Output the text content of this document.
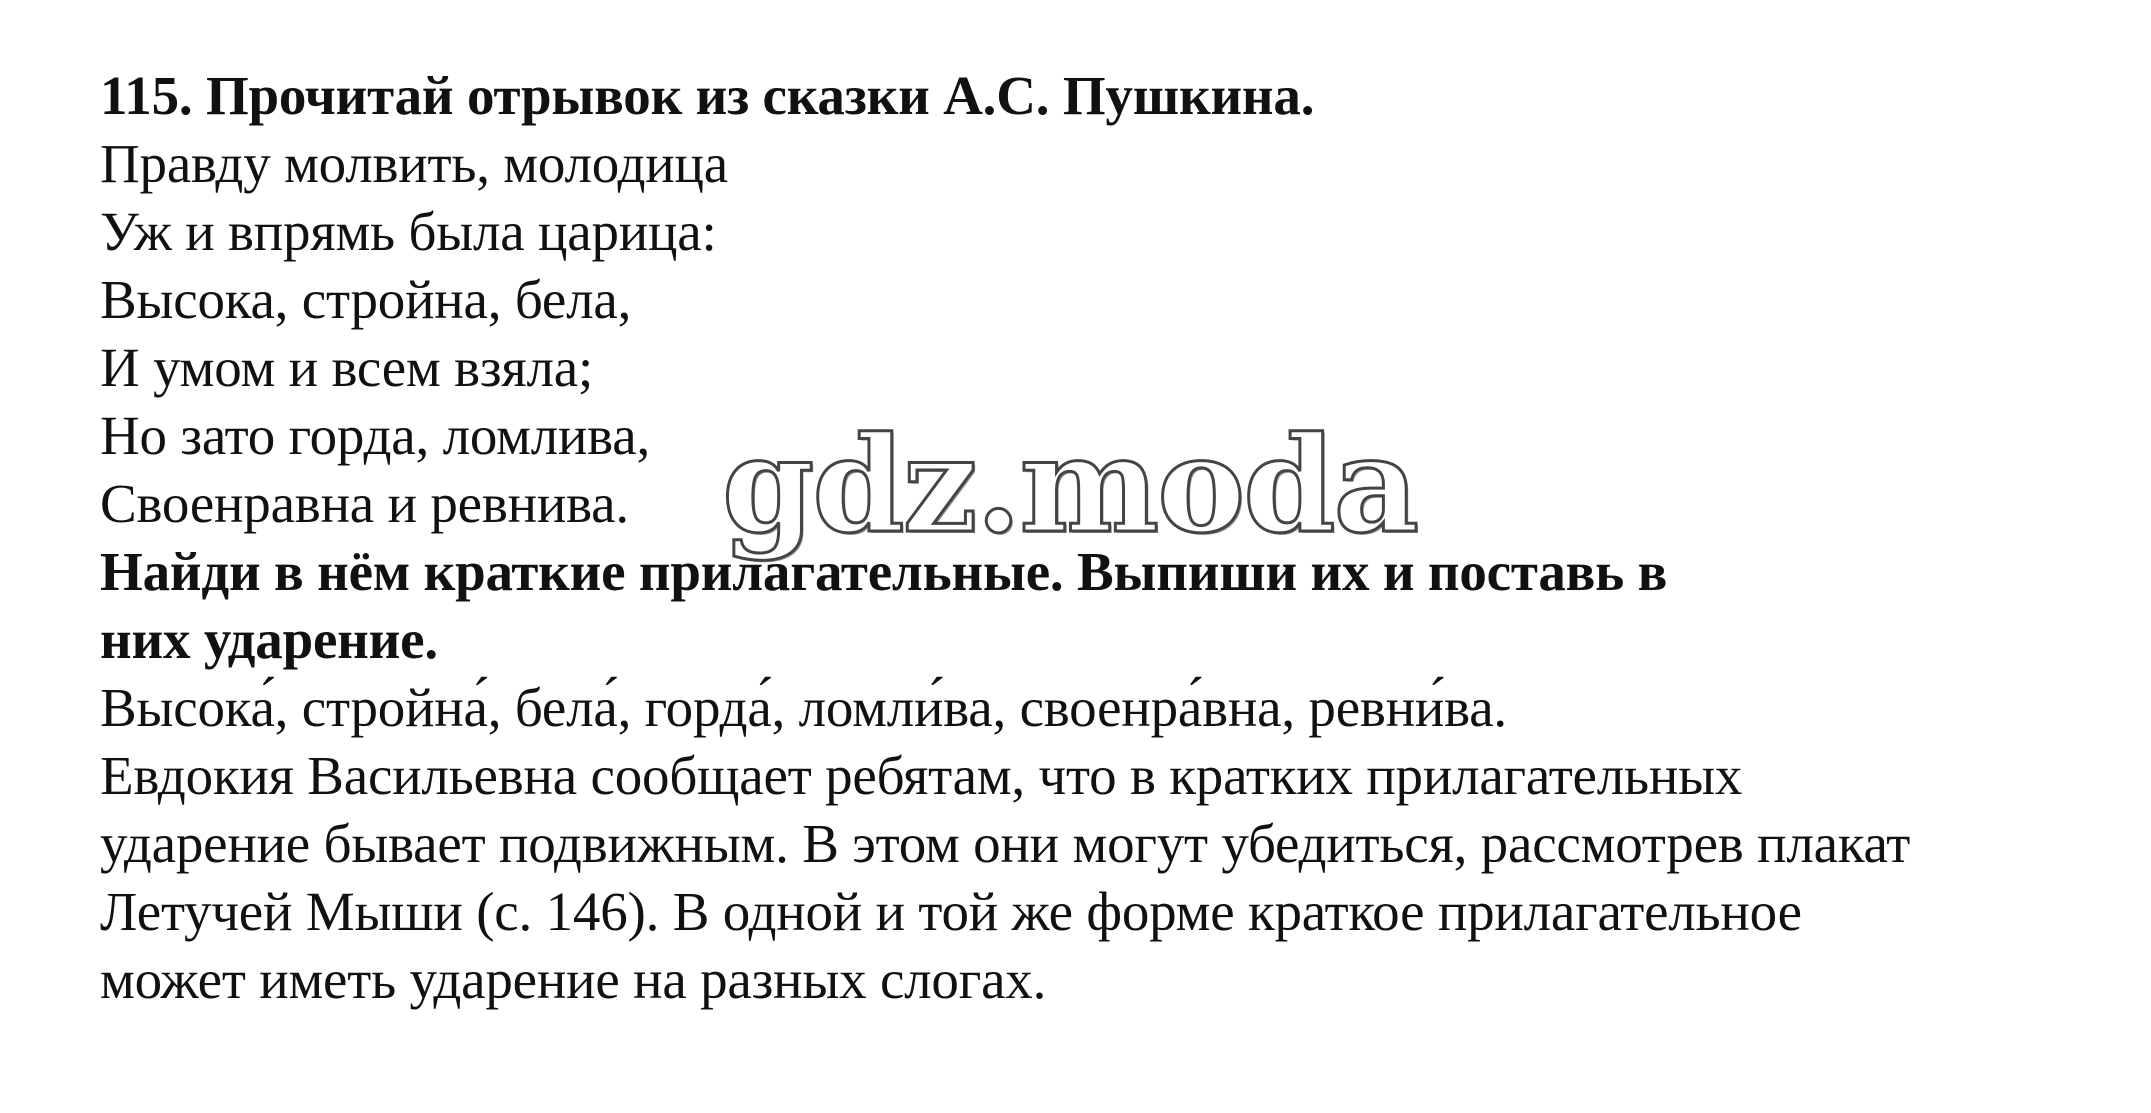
115. Прочитай отрывок из сказки А.С. Пушкина.
Правду молвить, молодица
Уж и впрямь была царица:
Высока, стройна, бела,
И умом и всем взяла;
Но зато горда, ломлива,
Своенравна и ревнива.
Найди в нём краткие прилагательные. Выпиши их и поставь в
них ударение.
Высока́, стройна́, бела́, горда́, ломли́ва, своенра́вна, ревни́ва.
Евдокия Васильевна сообщает ребятам, что в кратких прилагательных
ударение бывает подвижным. В этом они могут убедиться, рассмотрев плакат
Летучей Мыши (с. 146). В одной и той же форме краткое прилагательное
может иметь ударение на разных слогах.
gdz.moda
